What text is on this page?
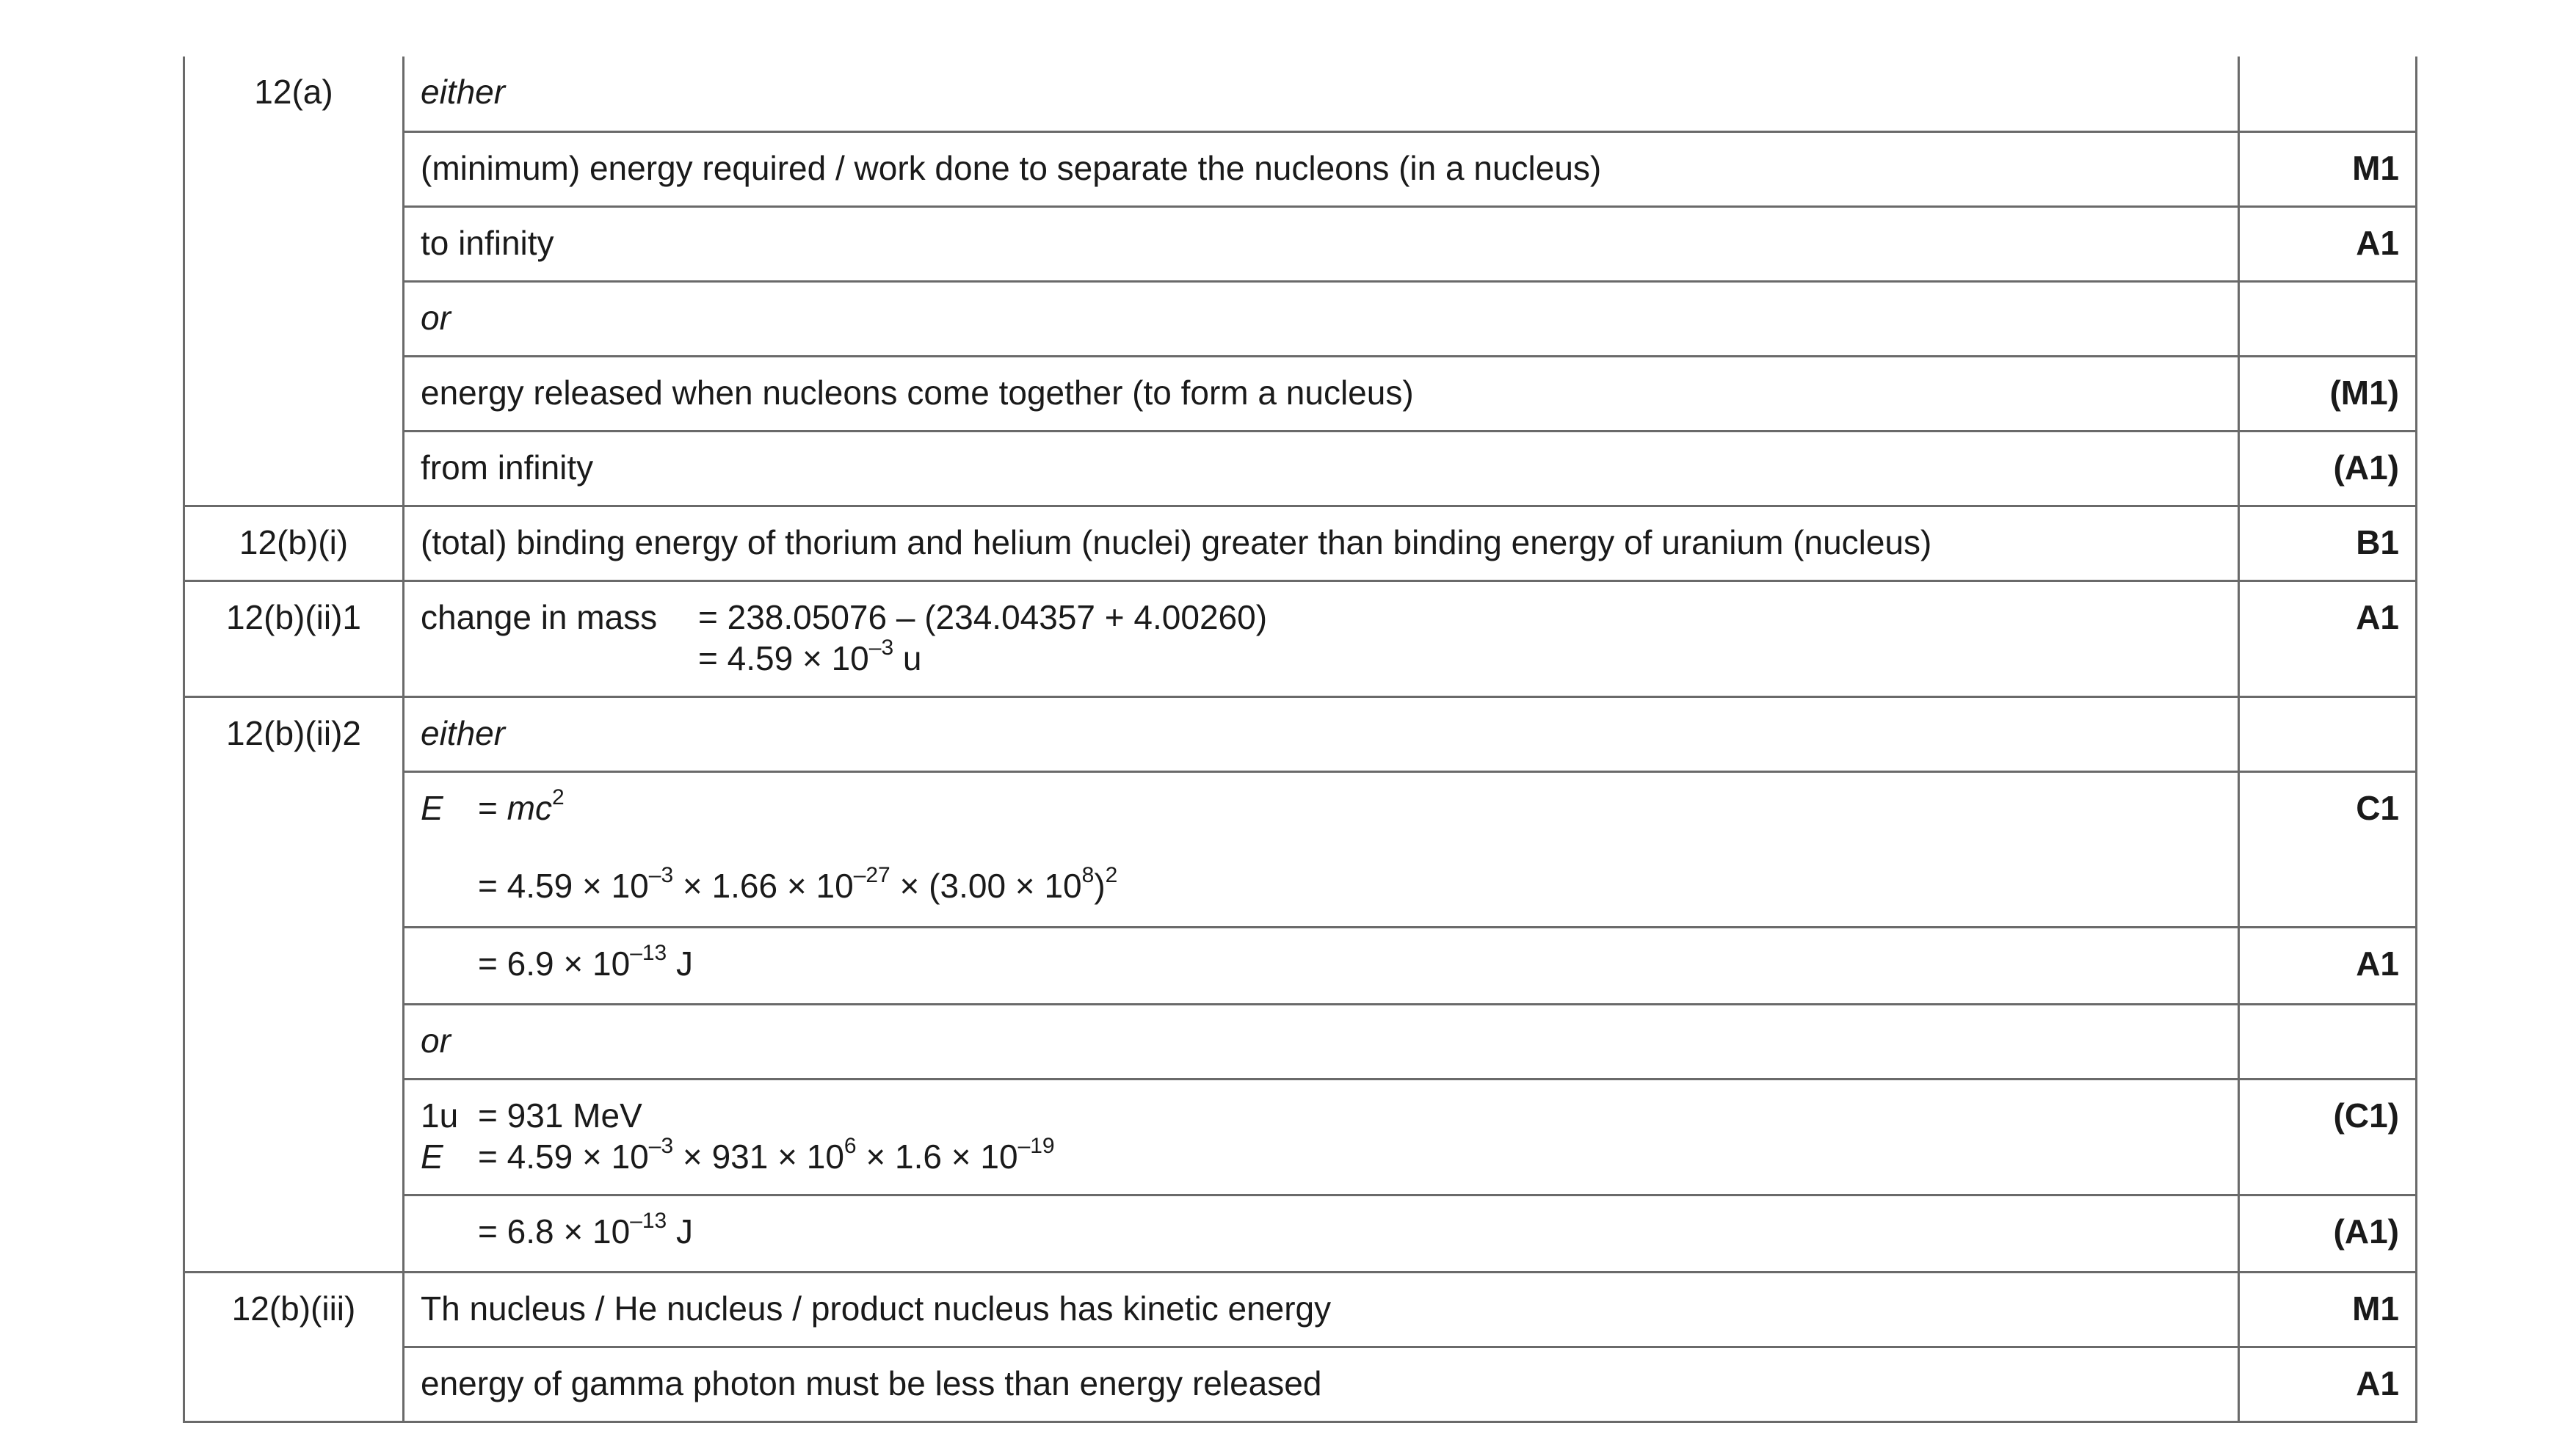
12(a)	either	
	(minimum) energy required / work done to separate the nucleons (in a nucleus)	M1
	to infinity	A1
	or	
	energy released when nucleons come together (to form a nucleus)	(M1)
	from infinity	(A1)
12(b)(i)	(total) binding energy of thorium and helium (nuclei) greater than binding energy of uranium (nucleus)	B1
12(b)(ii)1	change in mass = 238.05076 – (234.04357 + 4.00260)
= $4.59 \times 10^{-3}$ u	A1
12(b)(ii)2	either	

	$E = mc^2$
= $4.59 \times 10^{-3} \times 1.66 \times 10^{-27} \times (3.00 \times 10^8)^2$	C1

	= $6.9 \times 10^{-13}$ J	A1
	or	

	1u = 931 MeV
$E = 4.59 \times 10^{-3} \times 931 \times 10^6 \times 1.6 \times 10^{-19}$	(C1)

	= $6.8 \times 10^{-13}$ J	(A1)
12(b)(iii)	Th nucleus / He nucleus / product nucleus has kinetic energy	M1
	energy of gamma photon must be less than energy released	A1
